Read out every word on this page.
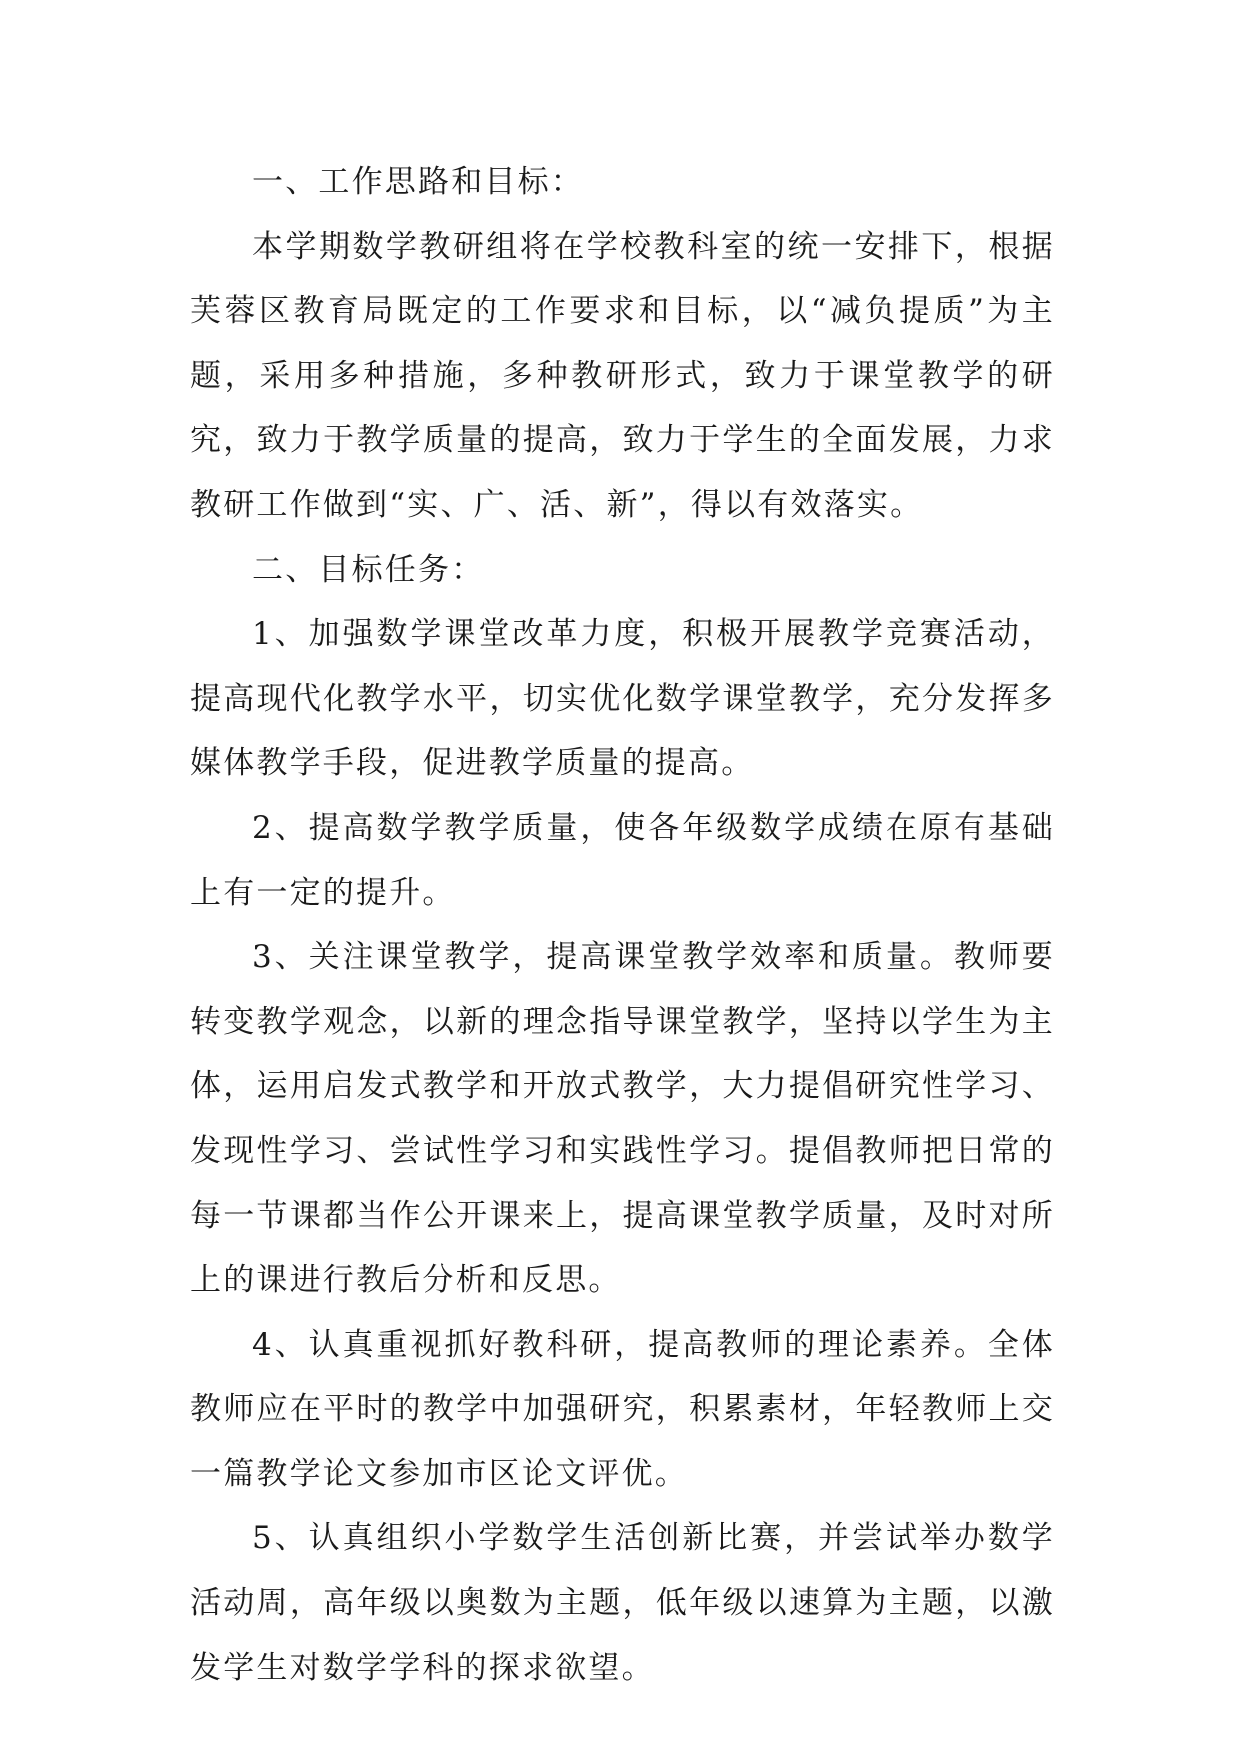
一、工作思路和目标：

本学期数学教研组将在学校教科室的统一安排下，根据芙蓉区教育局既定的工作要求和目标，以“减负提质”为主题，采用多种措施，多种教研形式，致力于课堂教学的研究，致力于教学质量的提高，致力于学生的全面发展，力求教研工作做到“实、广、活、新”，得以有效落实。

二、目标任务：

1、加强数学课堂改革力度，积极开展教学竞赛活动，提高现代化教学水平，切实优化数学课堂教学，充分发挥多媒体教学手段，促进教学质量的提高。

2、提高数学教学质量，使各年级数学成绩在原有基础上有一定的提升。

3、关注课堂教学，提高课堂教学效率和质量。教师要转变教学观念，以新的理念指导课堂教学，坚持以学生为主体，运用启发式教学和开放式教学，大力提倡研究性学习、发现性学习、尝试性学习和实践性学习。提倡教师把日常的每一节课都当作公开课来上，提高课堂教学质量，及时对所上的课进行教后分析和反思。

4、认真重视抓好教科研，提高教师的理论素养。全体教师应在平时的教学中加强研究，积累素材，年轻教师上交一篇教学论文参加市区论文评优。

5、认真组织小学数学生活创新比赛，并尝试举办数学活动周，高年级以奥数为主题，低年级以速算为主题，以激发学生对数学学科的探求欲望。
